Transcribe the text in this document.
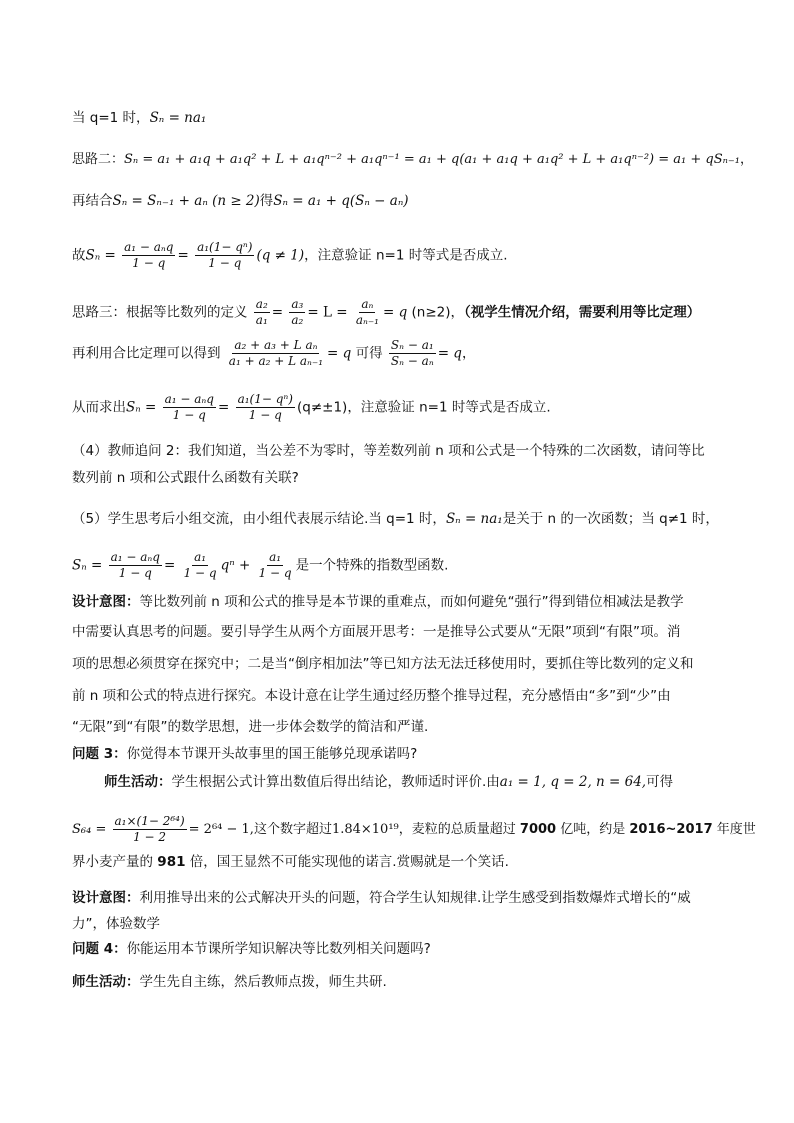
当 q=1 时，Sₙ = na₁
思路二：Sₙ = a₁ + a₁q + a₁q² + L + a₁qⁿ⁻² + a₁qⁿ⁻¹ = a₁ + q(a₁ + a₁q + a₁q² + L + a₁qⁿ⁻²) = a₁ + qSₙ₋₁，
再结合Sₙ = Sₙ₋₁ + aₙ (n ≥ 2)得Sₙ = a₁ + q(Sₙ − aₙ)
故$S_n = \frac{\text{a₁ − aₙq}}{1 - q} = \frac{\text{a₁(1− qⁿ)}}{1 - q} (q \ne 1)$，注意验证 n=1 时等式是否成立.
思路三：根据等比数列的定义 $\frac{\text{a₂}}{\text{a₁}} = \frac{\text{a₃}}{\text{a₂}} = L = \frac{\text{aₙ}}{\text{aₙ₋₁}} = q$ (n≥2)，（视学生情况介绍，需要利用等比定理）
再利用合比定理可以得到 $\frac{\text{a₂ + a₃ + L aₙ}}{\text{a₁ + a₂ + L aₙ₋₁}} = q$ 可得 $\frac{\text{Sₙ − a₁}}{\text{Sₙ − aₙ}} = q$，
从而求出$S_n = \frac{\text{a₁ − aₙq}}{1 - q} = \frac{\text{a₁(1− qⁿ)}}{1 - q} (q\ne\pm 1)$，注意验证 n=1 时等式是否成立.
（4）教师追问 2：我们知道，当公差不为零时，等差数列前 n 项和公式是一个特殊的二次函数，请问等比
数列前 n 项和公式跟什么函数有关联?
（5）学生思考后小组交流，由小组代表展示结论.当 q=1 时，Sₙ = na₁是关于 n 的一次函数；当 q≠1 时，
$S_n = \frac{\text{a₁ − aₙq}}{1 - q} = \frac{\text{a₁}}{1 - q}$ $q^n + \frac{\text{a₁}}{1 - q}$ 是一个特殊的指数型函数.
设计意图：等比数列前 n 项和公式的推导是本节课的重难点，而如何避免“强行”得到错位相减法是教学
中需要认真思考的问题。要引导学生从两个方面展开思考：一是推导公式要从“无限”项到“有限”项。消
项的思想必须贯穿在探究中；二是当“倒序相加法”等已知方法无法迁移使用时，要抓住等比数列的定义和
前 n 项和公式的特点进行探究。本设计意在让学生通过经历整个推导过程，充分感悟由“多”到“少”由
“无限”到“有限”的数学思想，进一步体会数学的简洁和严谨.
问题 3：你觉得本节课开头故事里的国王能够兑现承诺吗?
师生活动：学生根据公式计算出数值后得出结论，教师适时评价.由a₁ = 1, q = 2, n = 64,可得
$S_{64} = \frac{\text{a₁×(1− 2⁶⁴)}}{1 - 2} = 2^{64} - 1$,这个数字超过1.84×10¹⁹，麦粒的总质量超过 7000 亿吨，约是 2016~2017 年度世
界小麦产量的 981 倍，国王显然不可能实现他的诺言.赏赐就是一个笑话.
设计意图：利用推导出来的公式解决开头的问题，符合学生认知规律.让学生感受到指数爆炸式增长的“威
力”，体验数学
问题 4：你能运用本节课所学知识解决等比数列相关问题吗?
师生活动：学生先自主练，然后教师点拨，师生共研.
